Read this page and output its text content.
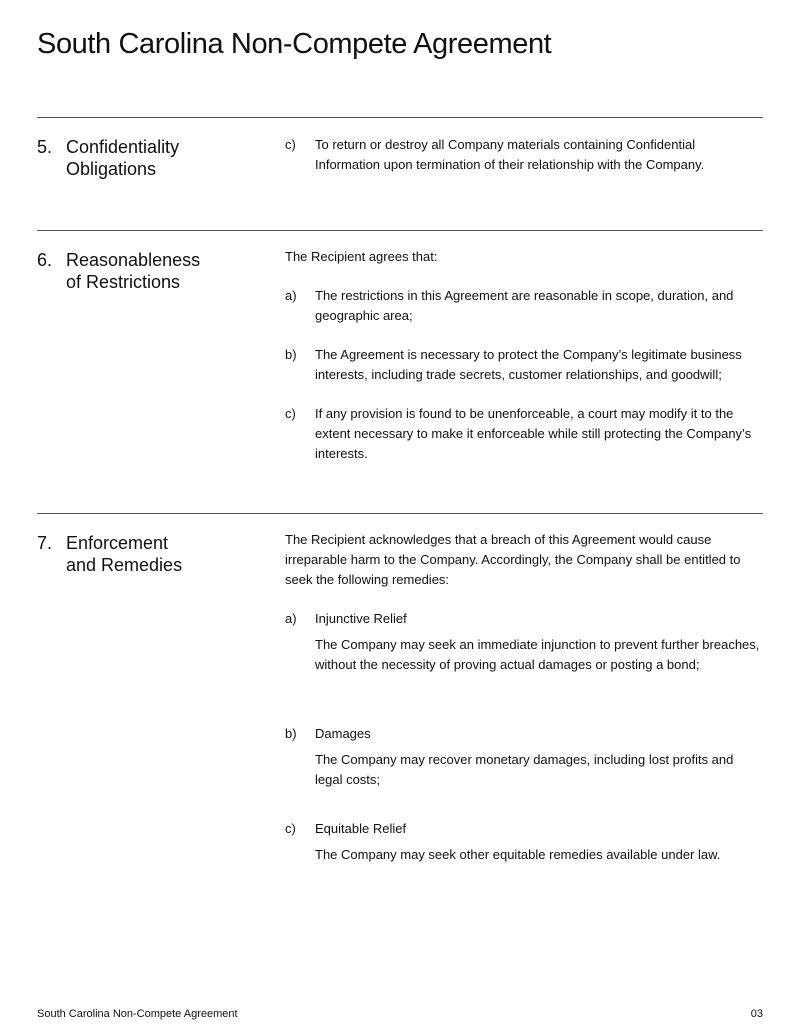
South Carolina Non-Compete Agreement
5. Confidentiality
Obligations
c) To return or destroy all Company materials containing Confidential Information upon termination of their relationship with the Company.

6. Reasonableness
of Restrictions

The Recipient agrees that:

a) The restrictions in this Agreement are reasonable in scope, duration, and geographic area;

b) The Agreement is necessary to protect the Company’s legitimate business interests, including trade secrets, customer relationships, and goodwill;

c) If any provision is found to be unenforceable, a court may modify it to the extent necessary to make it enforceable while still protecting the Company’s interests.

7. Enforcement
and Remedies

The Recipient acknowledges that a breach of this Agreement would cause irreparable harm to the Company. Accordingly, the Company shall be entitled to seek the following remedies:

a) Injunctive Relief

The Company may seek an immediate injunction to prevent further breaches, without the necessity of proving actual damages or posting a bond;

b) Damages

The Company may recover monetary damages, including lost profits and legal costs;

c) Equitable Relief

The Company may seek other equitable remedies available under law.

South Carolina Non-Compete Agreement	03
